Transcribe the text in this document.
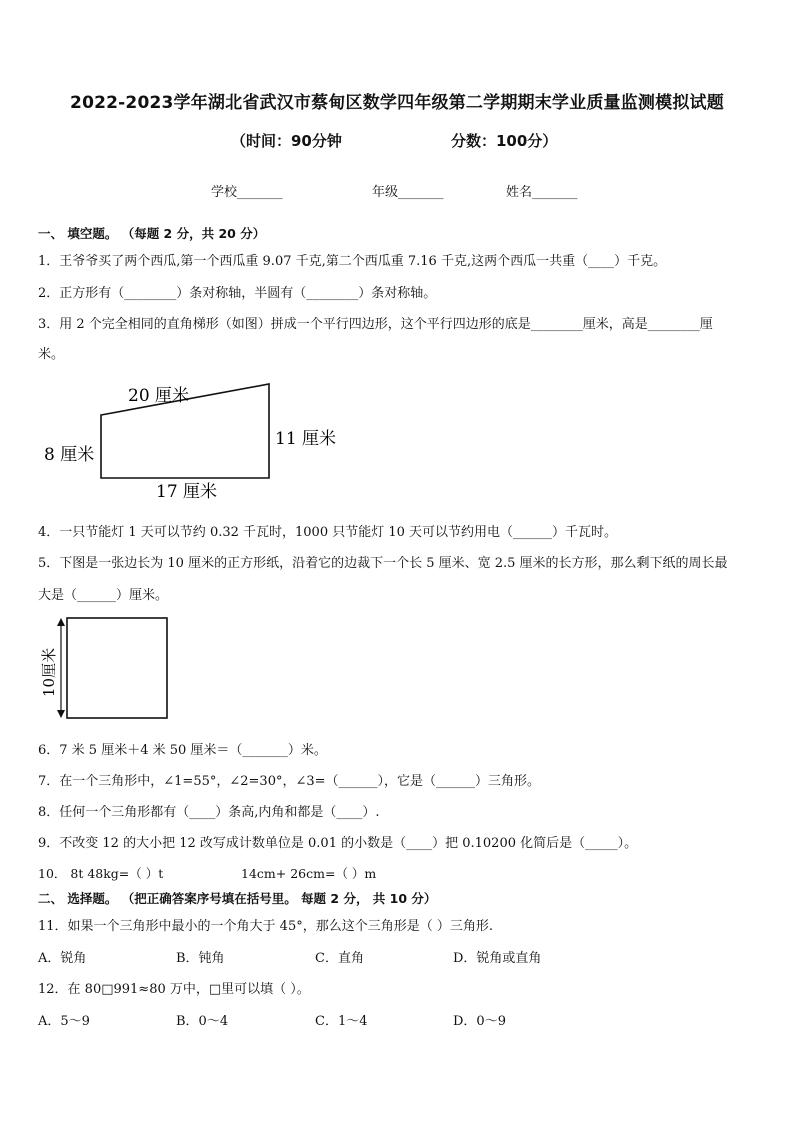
2022-2023学年湖北省武汉市蔡甸区数学四年级第二学期期末学业质量监测模拟试题
（时间：90分钟	分数：100分）
学校_______	年级_______	姓名_______
一、 填空题。 （每题 2 分，共 20 分）
1．王爷爷买了两个西瓜,第一个西瓜重 9.07 千克,第二个西瓜重 7.16 千克,这两个西瓜一共重（____）千克。
2．正方形有（________）条对称轴，半圆有（________）条对称轴。
3．用 2 个完全相同的直角梯形（如图）拼成一个平行四边形，这个平行四边形的底是________厘米，高是________厘
米。
20 厘米
8 厘米
11 厘米
17 厘米
4．一只节能灯 1 天可以节约 0.32 千瓦时，1000 只节能灯 10 天可以节约用电（______）千瓦时。
5．下图是一张边长为 10 厘米的正方形纸，沿着它的边裁下一个长 5 厘米、宽 2.5 厘米的长方形，那么剩下纸的周长最
大是（______）厘米。
10厘米
6．7 米 5 厘米＋4 米 50 厘米＝（_______）米。
7．在一个三角形中，∠1=55°，∠2=30°，∠3=（______），它是（______）三角形。
8．任何一个三角形都有（____）条高,内角和都是（____）.
9．不改变 12 的大小把 12 改写成计数单位是 0.01 的小数是（____）把 0.10200 化简后是（_____）。
10． 8t 48kg=（ ）t	14cm+ 26cm=（ ）m
二、 选择题。 （把正确答案序号填在括号里。 每题 2 分， 共 10 分）
11．如果一个三角形中最小的一个角大于 45°，那么这个三角形是（ ）三角形.
A．锐角	B．钝角	C．直角	D．锐角或直角
12．在 80□991≈80 万中，□里可以填（ ）。
A．5～9	B．0～4	C．1～4	D．0～9
